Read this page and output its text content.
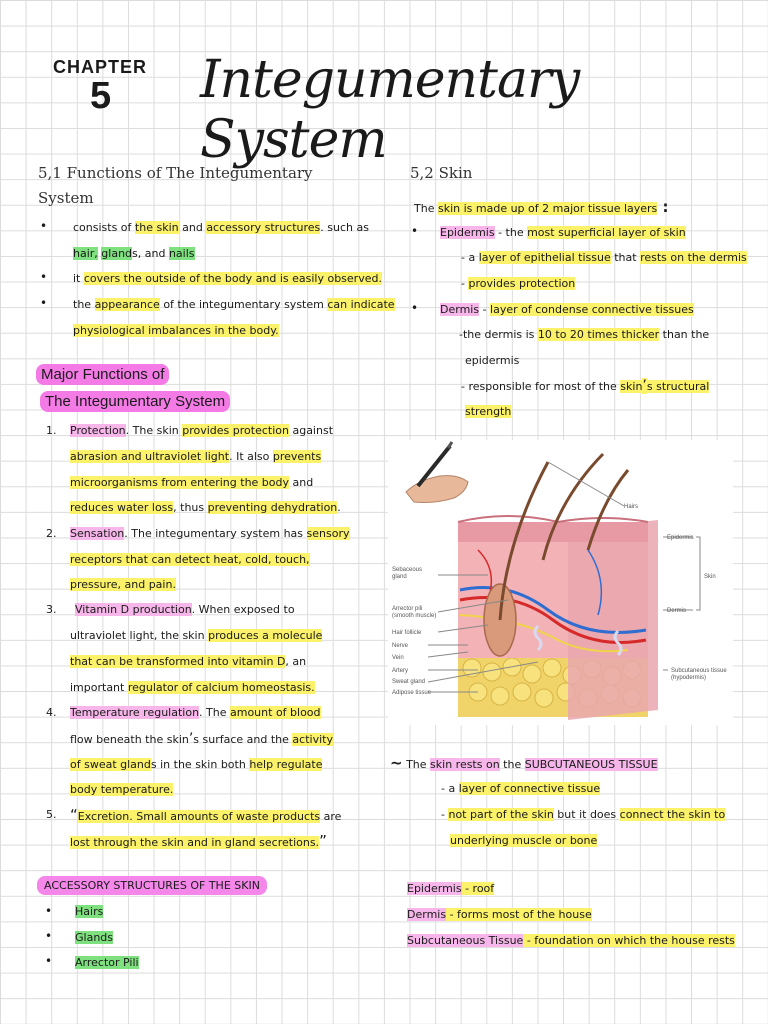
CHAPTER
5 Integumentary System
5,1 Functions of The Integumentary
System
• consists of the skin and accessory structures. such as
hair, glands, and nails
• it covers the outside of the body and is easily observed.
• the appearance of the integumentary system can indicate
physiological imbalances in the body.
Major Functions of
The Integumentary System
1. Protection. The skin provides protection against
abrasion and ultraviolet light. It also prevents
microorganisms from entering the body and
reduces water loss, thus preventing dehydration.
2. Sensation. The integumentary system has sensory
receptors that can detect heat, cold, touch,
pressure, and pain.
3. Vitamin D production. When exposed to
ultraviolet light, the skin produces a molecule
that can be transformed into vitamin D, an
important regulator of calcium homeostasis.
4. Temperature regulation. The amount of blood
flow beneath the skin’s surface and the activity
of sweat glands in the skin both help regulate
body temperature.
5. “Excretion. Small amounts of waste products are
lost through the skin and in gland secretions.”
ACCESSORY STRUCTURES OF THE SKIN
• Hairs
• Glands
• Arrector Pili
5,2 Skin
The skin is made up of 2 major tissue layers :
• Epidermis - the most superficial layer of skin
- a layer of epithelial tissue that rests on the dermis
- provides protection
• Dermis - layer of condense connective tissues
-the dermis is 10 to 20 times thicker than the
epidermis
- responsible for most of the skin’s structural
strength
Hairs
Sebaceous
gland
Arrector pili
(smooth muscle)
Hair follicle
Nerve
Vein
Artery
Sweat gland
Adipose tissue
Epidermis
Skin
Dermis
Subcutaneous tissue
(hypodermis)
~ The skin rests on the SUBCUTANEOUS TISSUE
- a layer of connective tissue
- not part of the skin but it does connect the skin to
underlying muscle or bone
Epidermis - roof
Dermis - forms most of the house
Subcutaneous Tissue - foundation on which the house rests
